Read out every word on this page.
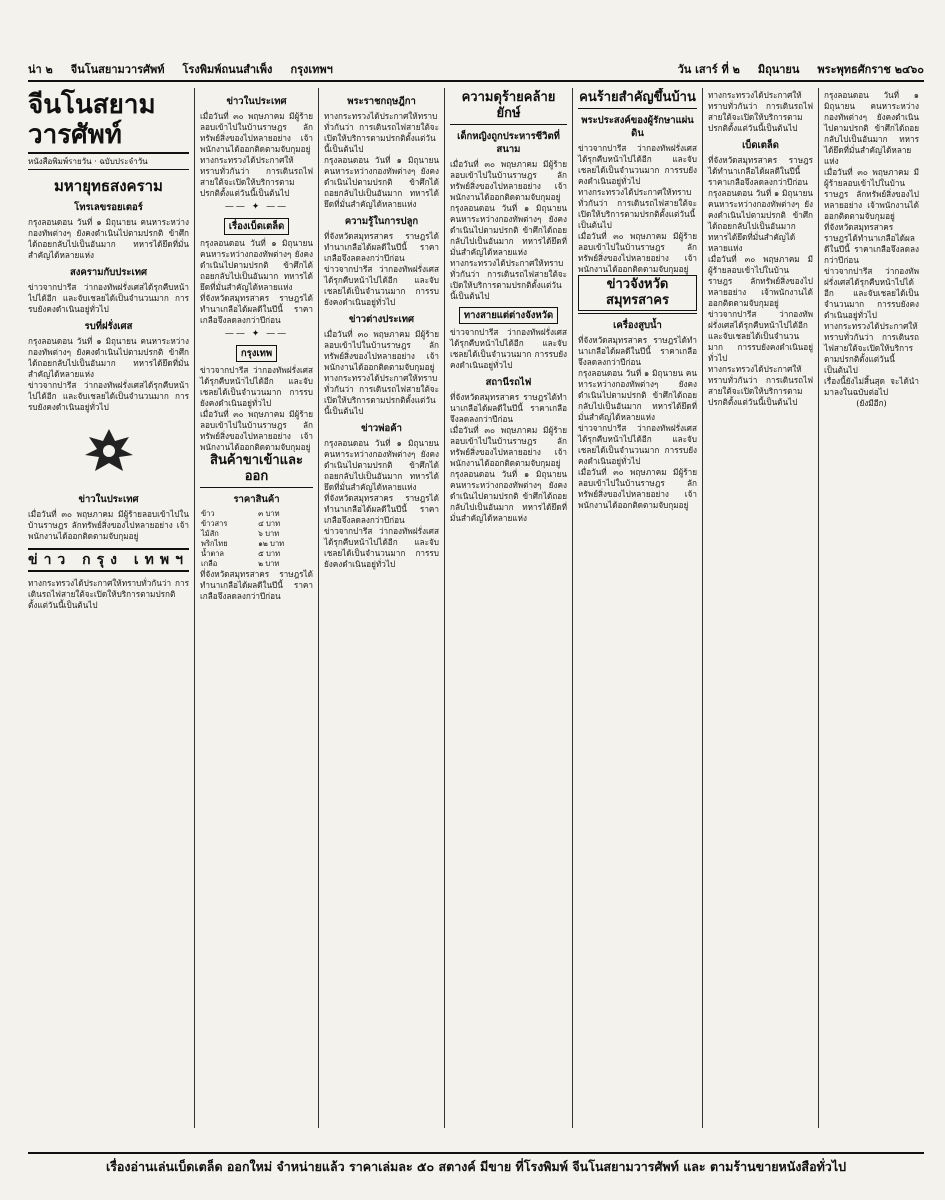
น่า ๒ จีนโนสยามวารศัพท์ โรงพิมพ์ถนนสำเพ็ง กรุงเทพฯ	วัน เสาร์ ที่ ๒ มิถุนายน พระพุทธศักราช ๒๔๖๐
จีนโนสยามวารศัพท์
หนังสือพิมพ์รายวัน · ฉบับประจำวัน
มหายุทธสงคราม
โทรเลขรอยเตอร์
กรุงลอนดอน วันที่ ๑ มิถุนายน คนหาระหว่างกองทัพต่างๆ ยังคงดำเนินไปตามปรกติ ข้าศึกได้ถอยกลับไปเป็นอันมาก ทหารได้ยึดที่มั่นสำคัญได้หลายแห่ง
สงครามกับประเทศ
ข่าวจากปารีส ว่ากองทัพฝรั่งเศสได้รุกคืบหน้าไปได้อีก และจับเชลยได้เป็นจำนวนมาก การรบยังคงดำเนินอยู่ทั่วไป
รบที่ฝรั่งเศส
กรุงลอนดอน วันที่ ๑ มิถุนายน คนหาระหว่างกองทัพต่างๆ ยังคงดำเนินไปตามปรกติ ข้าศึกได้ถอยกลับไปเป็นอันมาก ทหารได้ยึดที่มั่นสำคัญได้หลายแห่ง
ข่าวจากปารีส ว่ากองทัพฝรั่งเศสได้รุกคืบหน้าไปได้อีก และจับเชลยได้เป็นจำนวนมาก การรบยังคงดำเนินอยู่ทั่วไป
ข่าวในประเทศ
เมื่อวันที่ ๓๐ พฤษภาคม มีผู้ร้ายลอบเข้าไปในบ้านราษฎร ลักทรัพย์สิ่งของไปหลายอย่าง เจ้าพนักงานได้ออกติดตามจับกุมอยู่
ข่าว กรุง เทพฯ
ทางกระทรวงได้ประกาศให้ทราบทั่วกันว่า การเดินรถไฟสายใต้จะเปิดให้บริการตามปรกติตั้งแต่วันนี้เป็นต้นไป
ข่าวในประเทศ
เมื่อวันที่ ๓๐ พฤษภาคม มีผู้ร้ายลอบเข้าไปในบ้านราษฎร ลักทรัพย์สิ่งของไปหลายอย่าง เจ้าพนักงานได้ออกติดตามจับกุมอยู่
ทางกระทรวงได้ประกาศให้ทราบทั่วกันว่า การเดินรถไฟสายใต้จะเปิดให้บริการตามปรกติตั้งแต่วันนี้เป็นต้นไป
—— ✦ ——
เรื่องเบ็ดเตล็ด
กรุงลอนดอน วันที่ ๑ มิถุนายน คนหาระหว่างกองทัพต่างๆ ยังคงดำเนินไปตามปรกติ ข้าศึกได้ถอยกลับไปเป็นอันมาก ทหารได้ยึดที่มั่นสำคัญได้หลายแห่ง
ที่จังหวัดสมุทรสาคร ราษฎรได้ทำนาเกลือได้ผลดีในปีนี้ ราคาเกลือจึงลดลงกว่าปีก่อน
—— ✦ ——
กรุงเทพ
ข่าวจากปารีส ว่ากองทัพฝรั่งเศสได้รุกคืบหน้าไปได้อีก และจับเชลยได้เป็นจำนวนมาก การรบยังคงดำเนินอยู่ทั่วไป
เมื่อวันที่ ๓๐ พฤษภาคม มีผู้ร้ายลอบเข้าไปในบ้านราษฎร ลักทรัพย์สิ่งของไปหลายอย่าง เจ้าพนักงานได้ออกติดตามจับกุมอยู่
สินค้าขาเข้าและออก
ราคาสินค้า
ข้าว	๓ บาท
ข้าวสาร	๔ บาท
ไม้สัก	๖ บาท
พริกไทย	๑๒ บาท
น้ำตาล	๕ บาท
เกลือ	๒ บาท
ที่จังหวัดสมุทรสาคร ราษฎรได้ทำนาเกลือได้ผลดีในปีนี้ ราคาเกลือจึงลดลงกว่าปีก่อน
พระราชกฤษฎีกา
ทางกระทรวงได้ประกาศให้ทราบทั่วกันว่า การเดินรถไฟสายใต้จะเปิดให้บริการตามปรกติตั้งแต่วันนี้เป็นต้นไป
กรุงลอนดอน วันที่ ๑ มิถุนายน คนหาระหว่างกองทัพต่างๆ ยังคงดำเนินไปตามปรกติ ข้าศึกได้ถอยกลับไปเป็นอันมาก ทหารได้ยึดที่มั่นสำคัญได้หลายแห่ง
ความรู้ในการปลูก
ที่จังหวัดสมุทรสาคร ราษฎรได้ทำนาเกลือได้ผลดีในปีนี้ ราคาเกลือจึงลดลงกว่าปีก่อน
ข่าวจากปารีส ว่ากองทัพฝรั่งเศสได้รุกคืบหน้าไปได้อีก และจับเชลยได้เป็นจำนวนมาก การรบยังคงดำเนินอยู่ทั่วไป
ข่าวต่างประเทศ
เมื่อวันที่ ๓๐ พฤษภาคม มีผู้ร้ายลอบเข้าไปในบ้านราษฎร ลักทรัพย์สิ่งของไปหลายอย่าง เจ้าพนักงานได้ออกติดตามจับกุมอยู่
ทางกระทรวงได้ประกาศให้ทราบทั่วกันว่า การเดินรถไฟสายใต้จะเปิดให้บริการตามปรกติตั้งแต่วันนี้เป็นต้นไป
ข่าวพ่อค้า
กรุงลอนดอน วันที่ ๑ มิถุนายน คนหาระหว่างกองทัพต่างๆ ยังคงดำเนินไปตามปรกติ ข้าศึกได้ถอยกลับไปเป็นอันมาก ทหารได้ยึดที่มั่นสำคัญได้หลายแห่ง
ที่จังหวัดสมุทรสาคร ราษฎรได้ทำนาเกลือได้ผลดีในปีนี้ ราคาเกลือจึงลดลงกว่าปีก่อน
ข่าวจากปารีส ว่ากองทัพฝรั่งเศสได้รุกคืบหน้าไปได้อีก และจับเชลยได้เป็นจำนวนมาก การรบยังคงดำเนินอยู่ทั่วไป
ความดุร้ายคล้ายยักษ์
เด็กหญิงถูกประหารชีวิตที่สนาม
เมื่อวันที่ ๓๐ พฤษภาคม มีผู้ร้ายลอบเข้าไปในบ้านราษฎร ลักทรัพย์สิ่งของไปหลายอย่าง เจ้าพนักงานได้ออกติดตามจับกุมอยู่
กรุงลอนดอน วันที่ ๑ มิถุนายน คนหาระหว่างกองทัพต่างๆ ยังคงดำเนินไปตามปรกติ ข้าศึกได้ถอยกลับไปเป็นอันมาก ทหารได้ยึดที่มั่นสำคัญได้หลายแห่ง
ทางกระทรวงได้ประกาศให้ทราบทั่วกันว่า การเดินรถไฟสายใต้จะเปิดให้บริการตามปรกติตั้งแต่วันนี้เป็นต้นไป
ทางสายแต่ต่างจังหวัด
ข่าวจากปารีส ว่ากองทัพฝรั่งเศสได้รุกคืบหน้าไปได้อีก และจับเชลยได้เป็นจำนวนมาก การรบยังคงดำเนินอยู่ทั่วไป
สถานีรถไฟ
ที่จังหวัดสมุทรสาคร ราษฎรได้ทำนาเกลือได้ผลดีในปีนี้ ราคาเกลือจึงลดลงกว่าปีก่อน
เมื่อวันที่ ๓๐ พฤษภาคม มีผู้ร้ายลอบเข้าไปในบ้านราษฎร ลักทรัพย์สิ่งของไปหลายอย่าง เจ้าพนักงานได้ออกติดตามจับกุมอยู่
กรุงลอนดอน วันที่ ๑ มิถุนายน คนหาระหว่างกองทัพต่างๆ ยังคงดำเนินไปตามปรกติ ข้าศึกได้ถอยกลับไปเป็นอันมาก ทหารได้ยึดที่มั่นสำคัญได้หลายแห่ง
คนร้ายสำคัญขึ้นบ้าน
พระประสงค์ของผู้รักษาแผ่นดิน
ข่าวจากปารีส ว่ากองทัพฝรั่งเศสได้รุกคืบหน้าไปได้อีก และจับเชลยได้เป็นจำนวนมาก การรบยังคงดำเนินอยู่ทั่วไป
ทางกระทรวงได้ประกาศให้ทราบทั่วกันว่า การเดินรถไฟสายใต้จะเปิดให้บริการตามปรกติตั้งแต่วันนี้เป็นต้นไป
เมื่อวันที่ ๓๐ พฤษภาคม มีผู้ร้ายลอบเข้าไปในบ้านราษฎร ลักทรัพย์สิ่งของไปหลายอย่าง เจ้าพนักงานได้ออกติดตามจับกุมอยู่
ข่าวจังหวัดสมุทรสาคร
เครื่องสูบน้ำ
ที่จังหวัดสมุทรสาคร ราษฎรได้ทำนาเกลือได้ผลดีในปีนี้ ราคาเกลือจึงลดลงกว่าปีก่อน
กรุงลอนดอน วันที่ ๑ มิถุนายน คนหาระหว่างกองทัพต่างๆ ยังคงดำเนินไปตามปรกติ ข้าศึกได้ถอยกลับไปเป็นอันมาก ทหารได้ยึดที่มั่นสำคัญได้หลายแห่ง
ข่าวจากปารีส ว่ากองทัพฝรั่งเศสได้รุกคืบหน้าไปได้อีก และจับเชลยได้เป็นจำนวนมาก การรบยังคงดำเนินอยู่ทั่วไป
เมื่อวันที่ ๓๐ พฤษภาคม มีผู้ร้ายลอบเข้าไปในบ้านราษฎร ลักทรัพย์สิ่งของไปหลายอย่าง เจ้าพนักงานได้ออกติดตามจับกุมอยู่
ทางกระทรวงได้ประกาศให้ทราบทั่วกันว่า การเดินรถไฟสายใต้จะเปิดให้บริการตามปรกติตั้งแต่วันนี้เป็นต้นไป
เบ็ดเตล็ด
ที่จังหวัดสมุทรสาคร ราษฎรได้ทำนาเกลือได้ผลดีในปีนี้ ราคาเกลือจึงลดลงกว่าปีก่อน
กรุงลอนดอน วันที่ ๑ มิถุนายน คนหาระหว่างกองทัพต่างๆ ยังคงดำเนินไปตามปรกติ ข้าศึกได้ถอยกลับไปเป็นอันมาก ทหารได้ยึดที่มั่นสำคัญได้หลายแห่ง
เมื่อวันที่ ๓๐ พฤษภาคม มีผู้ร้ายลอบเข้าไปในบ้านราษฎร ลักทรัพย์สิ่งของไปหลายอย่าง เจ้าพนักงานได้ออกติดตามจับกุมอยู่
ข่าวจากปารีส ว่ากองทัพฝรั่งเศสได้รุกคืบหน้าไปได้อีก และจับเชลยได้เป็นจำนวนมาก การรบยังคงดำเนินอยู่ทั่วไป
ทางกระทรวงได้ประกาศให้ทราบทั่วกันว่า การเดินรถไฟสายใต้จะเปิดให้บริการตามปรกติตั้งแต่วันนี้เป็นต้นไป
กรุงลอนดอน วันที่ ๑ มิถุนายน คนหาระหว่างกองทัพต่างๆ ยังคงดำเนินไปตามปรกติ ข้าศึกได้ถอยกลับไปเป็นอันมาก ทหารได้ยึดที่มั่นสำคัญได้หลายแห่ง
เมื่อวันที่ ๓๐ พฤษภาคม มีผู้ร้ายลอบเข้าไปในบ้านราษฎร ลักทรัพย์สิ่งของไปหลายอย่าง เจ้าพนักงานได้ออกติดตามจับกุมอยู่
ที่จังหวัดสมุทรสาคร ราษฎรได้ทำนาเกลือได้ผลดีในปีนี้ ราคาเกลือจึงลดลงกว่าปีก่อน
ข่าวจากปารีส ว่ากองทัพฝรั่งเศสได้รุกคืบหน้าไปได้อีก และจับเชลยได้เป็นจำนวนมาก การรบยังคงดำเนินอยู่ทั่วไป
ทางกระทรวงได้ประกาศให้ทราบทั่วกันว่า การเดินรถไฟสายใต้จะเปิดให้บริการตามปรกติตั้งแต่วันนี้เป็นต้นไป
เรื่องนี้ยังไม่สิ้นสุด จะได้นำมาลงในฉบับต่อไป
(ยังมีอีก)
เรื่องอ่านเล่นเบ็ดเตล็ด ออกใหม่ จำหน่ายแล้ว ราคาเล่มละ ๕๐ สตางค์ มีขาย ที่โรงพิมพ์ จีนโนสยามวารศัพท์ และ ตามร้านขายหนังสือทั่วไป
